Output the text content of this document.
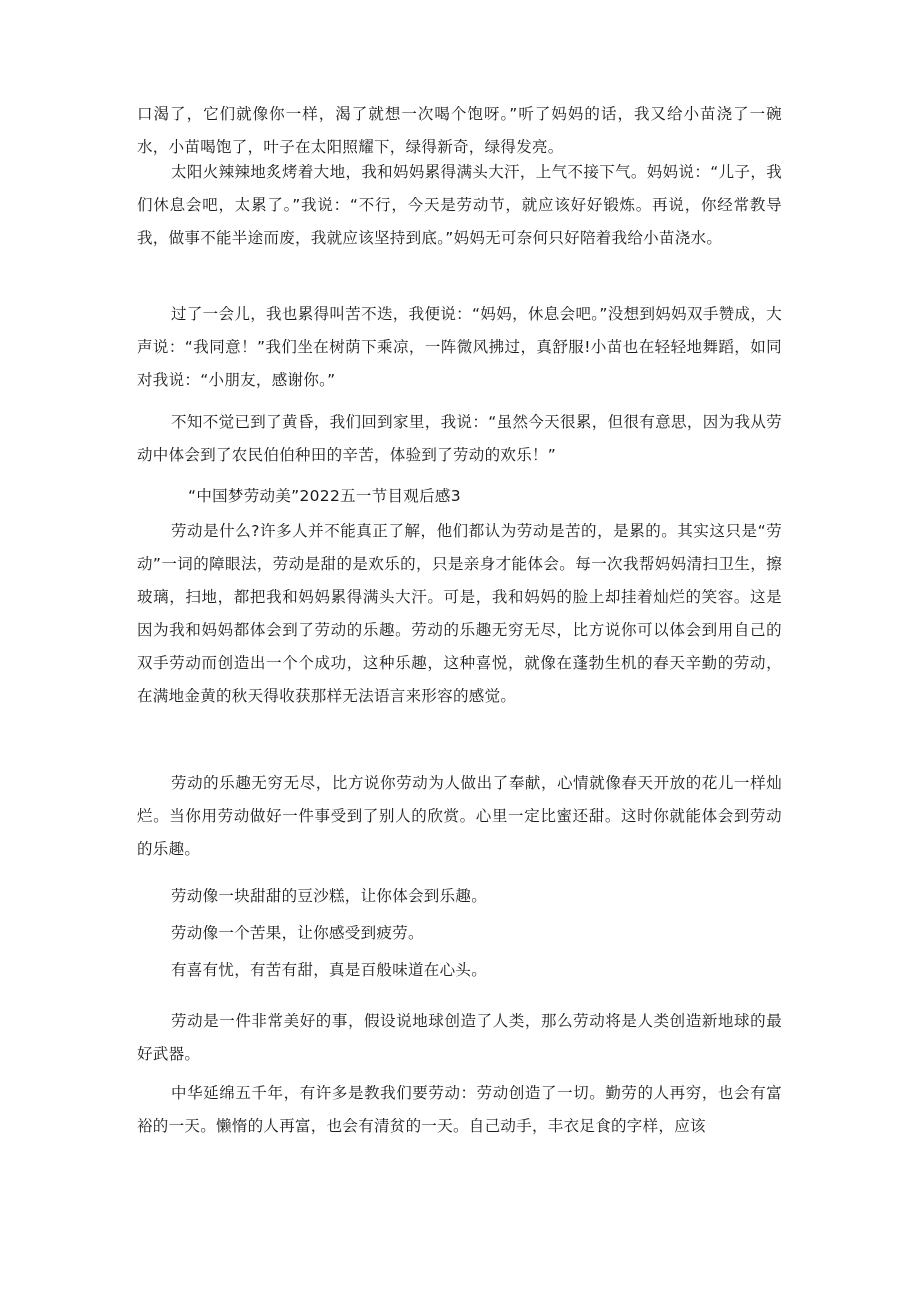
口渴了，它们就像你一样，渴了就想一次喝个饱呀。”听了妈妈的话，我又给小苗浇了一碗水，小苗喝饱了，叶子在太阳照耀下，绿得新奇，绿得发亮。

太阳火辣辣地炙烤着大地，我和妈妈累得满头大汗，上气不接下气。妈妈说：“儿子，我们休息会吧，太累了。”我说：“不行，今天是劳动节，就应该好好锻炼。再说，你经常教导我，做事不能半途而废，我就应该坚持到底。”妈妈无可奈何只好陪着我给小苗浇水。

过了一会儿，我也累得叫苦不迭，我便说：“妈妈，休息会吧。”没想到妈妈双手赞成，大声说：“我同意！”我们坐在树荫下乘凉，一阵微风拂过，真舒服!小苗也在轻轻地舞蹈，如同对我说：“小朋友，感谢你。”

不知不觉已到了黄昏，我们回到家里，我说：“虽然今天很累，但很有意思，因为我从劳动中体会到了农民伯伯种田的辛苦，体验到了劳动的欢乐！”

“中国梦劳动美”2022五一节目观后感3

劳动是什么?许多人并不能真正了解，他们都认为劳动是苦的，是累的。其实这只是“劳动”一词的障眼法，劳动是甜的是欢乐的，只是亲身才能体会。每一次我帮妈妈清扫卫生，擦玻璃，扫地，都把我和妈妈累得满头大汗。可是，我和妈妈的脸上却挂着灿烂的笑容。这是因为我和妈妈都体会到了劳动的乐趣。劳动的乐趣无穷无尽，比方说你可以体会到用自己的双手劳动而创造出一个个成功，这种乐趣，这种喜悦，就像在蓬勃生机的春天辛勤的劳动，在满地金黄的秋天得收获那样无法语言来形容的感觉。

劳动的乐趣无穷无尽，比方说你劳动为人做出了奉献，心情就像春天开放的花儿一样灿烂。当你用劳动做好一件事受到了别人的欣赏。心里一定比蜜还甜。这时你就能体会到劳动的乐趣。

劳动像一块甜甜的豆沙糕，让你体会到乐趣。

劳动像一个苦果，让你感受到疲劳。

有喜有忧，有苦有甜，真是百般味道在心头。

劳动是一件非常美好的事，假设说地球创造了人类，那么劳动将是人类创造新地球的最好武器。

中华延绵五千年，有许多是教我们要劳动：劳动创造了一切。勤劳的人再穷，也会有富裕的一天。懒惰的人再富，也会有清贫的一天。自己动手，丰衣足食的字样，应该
